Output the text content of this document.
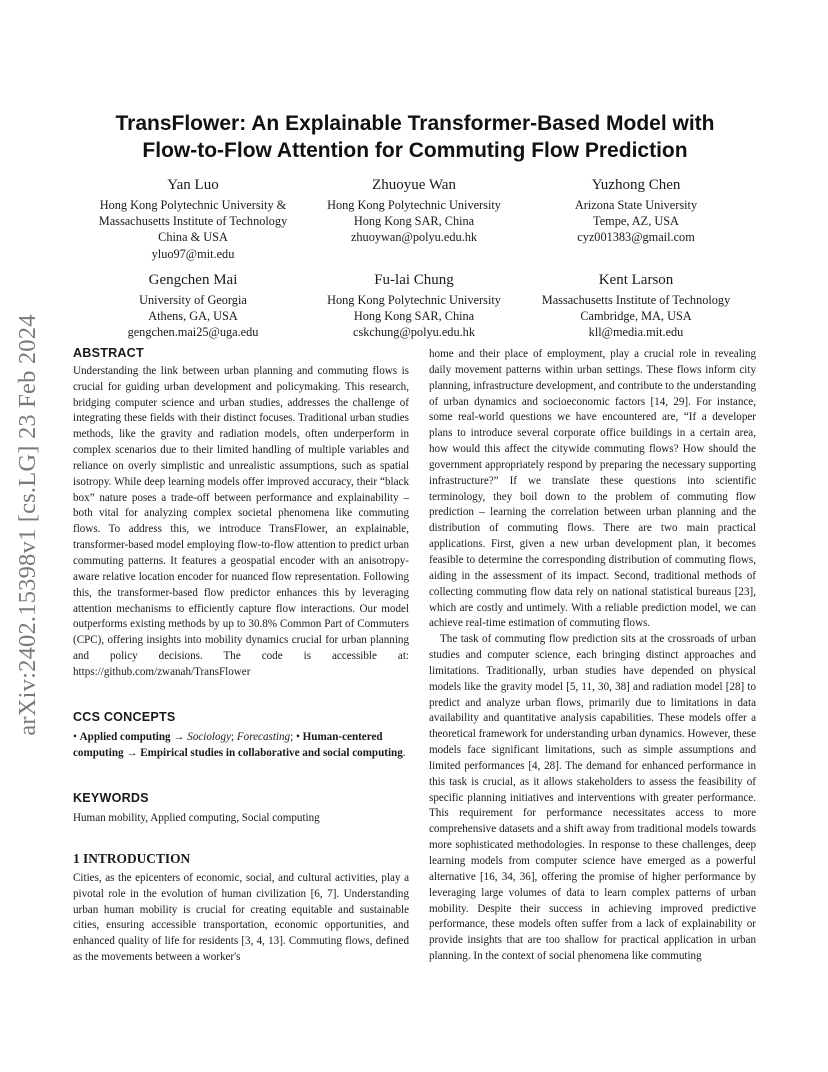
arXiv:2402.15398v1 [cs.LG] 23 Feb 2024
TransFlower: An Explainable Transformer-Based Model with
Flow-to-Flow Attention for Commuting Flow Prediction
Yan Luo
Hong Kong Polytechnic University &
Massachusetts Institute of Technology
China & USA
yluo97@mit.edu
Zhuoyue Wan
Hong Kong Polytechnic University
Hong Kong SAR, China
zhuoywan@polyu.edu.hk
Yuzhong Chen
Arizona State University
Tempe, AZ, USA
cyz001383@gmail.com
Gengchen Mai
University of Georgia
Athens, GA, USA
gengchen.mai25@uga.edu
Fu-lai Chung
Hong Kong Polytechnic University
Hong Kong SAR, China
cskchung@polyu.edu.hk
Kent Larson
Massachusetts Institute of Technology
Cambridge, MA, USA
kll@media.mit.edu
ABSTRACT

Understanding the link between urban planning and commuting flows is crucial for guiding urban development and policymaking. This research, bridging computer science and urban studies, addresses the challenge of integrating these fields with their distinct focuses. Traditional urban studies methods, like the gravity and radiation models, often underperform in complex scenarios due to their limited handling of multiple variables and reliance on overly simplistic and unrealistic assumptions, such as spatial isotropy. While deep learning models offer improved accuracy, their “black box” nature poses a trade-off between performance and explainability – both vital for analyzing complex societal phenomena like commuting flows. To address this, we introduce TransFlower, an explainable, transformer-based model employing flow-to-flow attention to predict urban commuting patterns. It features a geospatial encoder with an anisotropy-aware relative location encoder for nuanced flow representation. Following this, the transformer-based flow predictor enhances this by leveraging attention mechanisms to efficiently capture flow interactions. Our model outperforms existing methods by up to 30.8% Common Part of Commuters (CPC), offering insights into mobility dynamics crucial for urban planning and policy decisions. The code is accessible at: https://github.com/zwanah/TransFlower

CCS CONCEPTS

• Applied computing → Sociology; Forecasting; • Human-centered computing → Empirical studies in collaborative and social computing.

KEYWORDS

Human mobility, Applied computing, Social computing

1 INTRODUCTION

Cities, as the epicenters of economic, social, and cultural activities, play a pivotal role in the evolution of human civilization [6, 7]. Understanding urban human mobility is crucial for creating equitable and sustainable cities, ensuring accessible transportation, economic opportunities, and enhanced quality of life for residents [3, 4, 13]. Commuting flows, defined as the movements between a worker's

home and their place of employment, play a crucial role in revealing daily movement patterns within urban settings. These flows inform city planning, infrastructure development, and contribute to the understanding of urban dynamics and socioeconomic factors [14, 29]. For instance, some real-world questions we have encountered are, “If a developer plans to introduce several corporate office buildings in a certain area, how would this affect the citywide commuting flows? How should the government appropriately respond by preparing the necessary supporting infrastructure?” If we translate these questions into scientific terminology, they boil down to the problem of commuting flow prediction – learning the correlation between urban planning and the distribution of commuting flows. There are two main practical applications. First, given a new urban development plan, it becomes feasible to determine the corresponding distribution of commuting flows, aiding in the assessment of its impact. Second, traditional methods of collecting commuting flow data rely on national statistical bureaus [23], which are costly and untimely. With a reliable prediction model, we can achieve real-time estimation of commuting flows.

The task of commuting flow prediction sits at the crossroads of urban studies and computer science, each bringing distinct approaches and limitations. Traditionally, urban studies have depended on physical models like the gravity model [5, 11, 30, 38] and radiation model [28] to predict and analyze urban flows, primarily due to limitations in data availability and quantitative analysis capabilities. These models offer a theoretical framework for understanding urban dynamics. However, these models face significant limitations, such as simple assumptions and limited performances [4, 28]. The demand for enhanced performance in this task is crucial, as it allows stakeholders to assess the feasibility of specific planning initiatives and interventions with greater performance. This requirement for performance necessitates access to more comprehensive datasets and a shift away from traditional models towards more sophisticated methodologies. In response to these challenges, deep learning models from computer science have emerged as a powerful alternative [16, 34, 36], offering the promise of higher performance by leveraging large volumes of data to learn complex patterns of urban mobility. Despite their success in achieving improved predictive performance, these models often suffer from a lack of explainability or provide insights that are too shallow for practical application in urban planning. In the context of social phenomena like commuting
